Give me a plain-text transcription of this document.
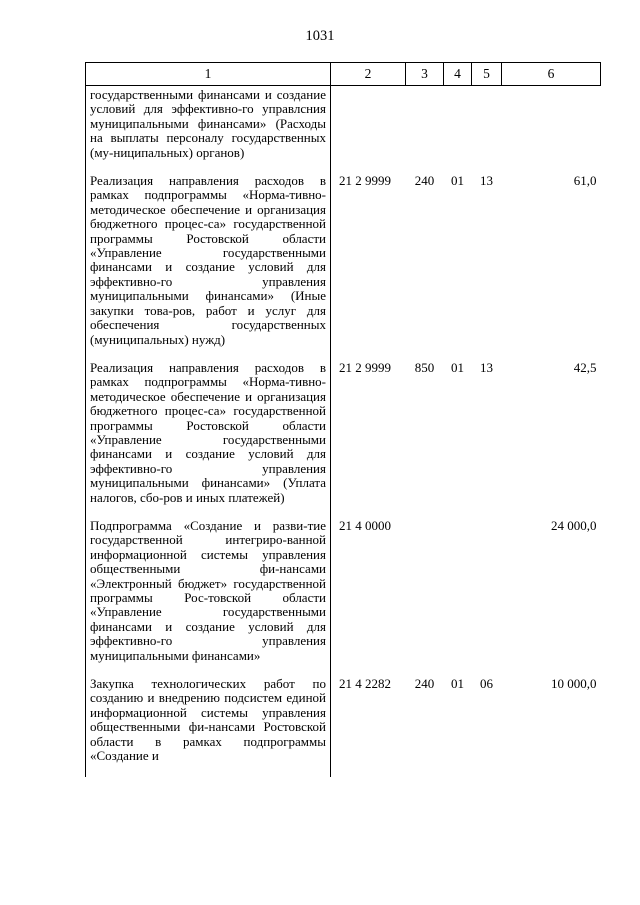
1031
1	2	3	4	5	6
государственными финансами и создание условий для эффективно-го управлсния муниципальными финансами» (Расходы на выплаты персоналу государственных (му-ниципальных) органов)					
Реализация направления расходов в рамках подпрограммы «Норма-тивно-методическое обеспечение и организация бюджетного процес-са» государственной программы Ростовской области «Управление государственными финансами и создание условий для эффективно-го управления муниципальными финансами» (Иные закупки това-ров, работ и услуг для обеспечения государственных (муниципальных) нужд)	21 2 9999	240	01	13	61,0
Реализация направления расходов в рамках подпрограммы «Норма-тивно-методическое обеспечение и организация бюджетного процес-са» государственной программы Ростовской области «Управление государственными финансами и создание условий для эффективно-го управления муниципальными финансами» (Уплата налогов, сбо-ров и иных платежей)	21 2 9999	850	01	13	42,5
Подпрограмма «Создание и разви-тие государственной интегриро-ванной информационной системы управления общественными фи-нансами «Электронный бюджет» государственной программы Рос-товской области «Управление государственными финансами и создание условий для эффективно-го управления муниципальными финансами»	21 4 0000				24 000,0
Закупка технологических работ по созданию и внедрению подсистем единой информационной системы управления общественными фи-нансами Ростовской области в рамках подпрограммы «Создание и	21 4 2282	240	01	06	10 000,0
